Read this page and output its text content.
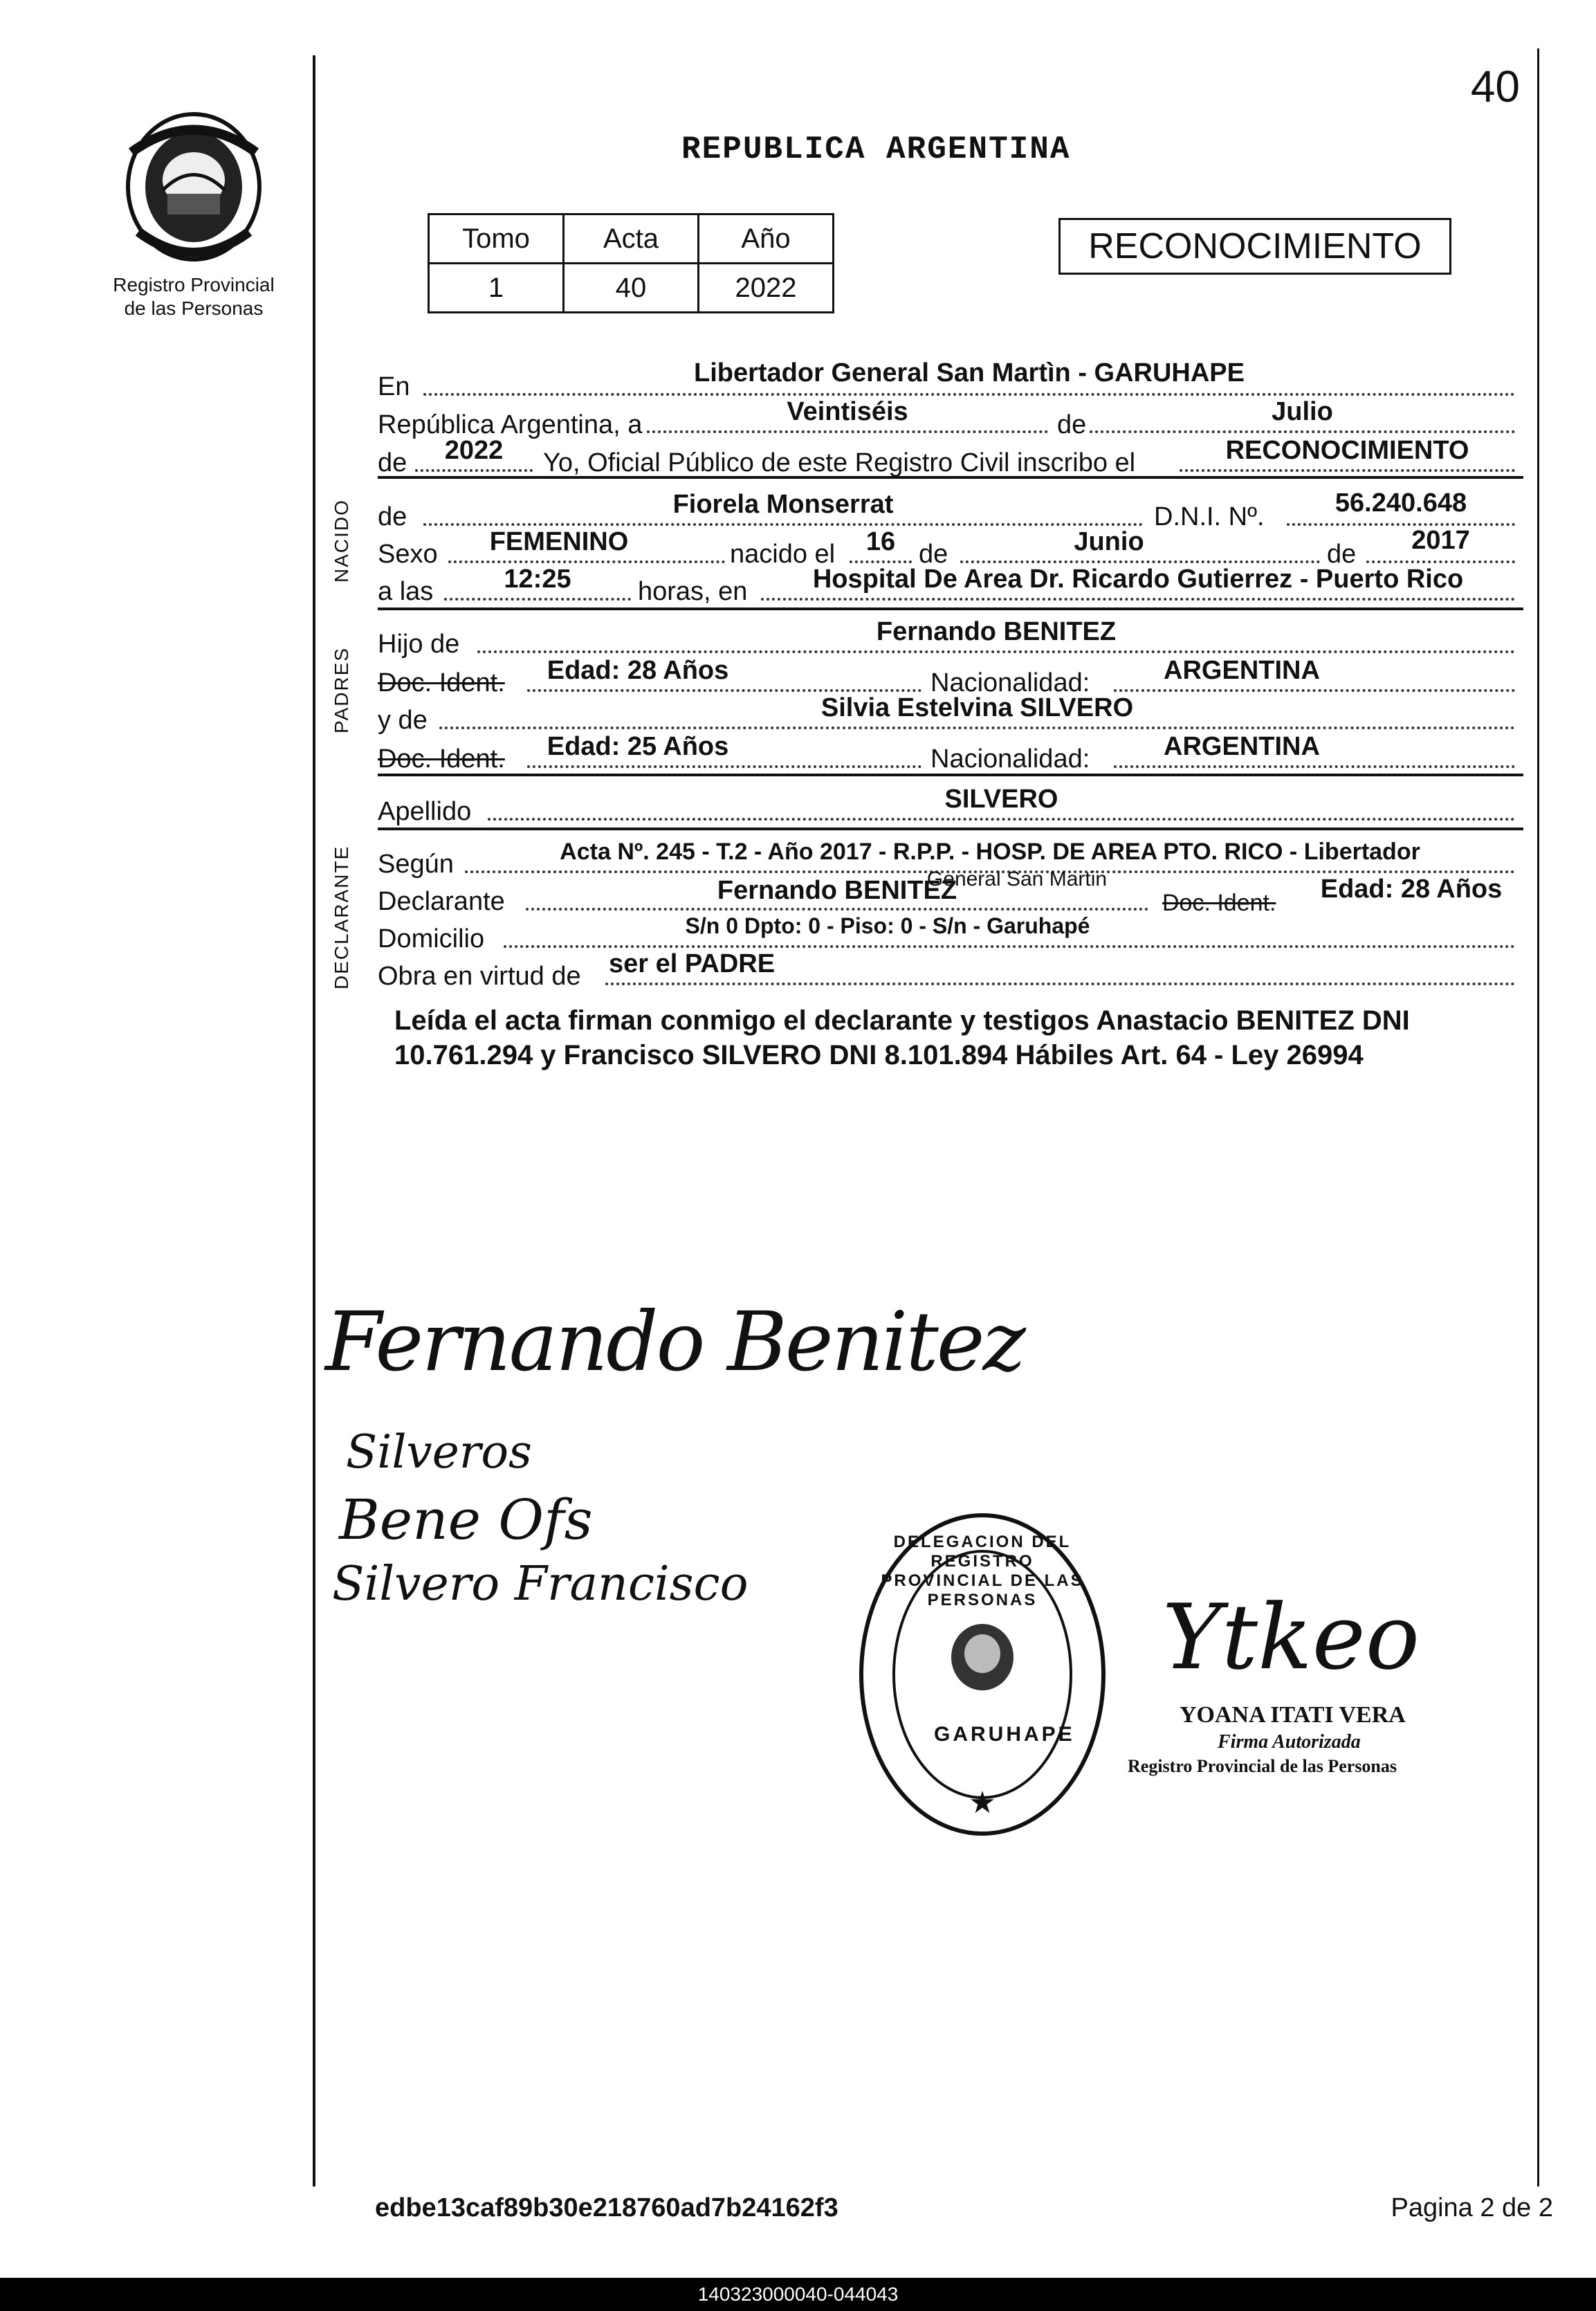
Registro Provincial
de las Personas
40
REPUBLICA ARGENTINA
Tomo	Acta	Año
1	40	2022
RECONOCIMIENTO
En	Libertador General San Martìn - GARUHAPE
República Argentina, a	Veintiséis	de	Julio
de	2022	Yo, Oficial Público de este Registro Civil inscribo el	RECONOCIMIENTO
NACIDO de	Fiorela Monserrat	D.N.I. Nº.	56.240.648
Sexo	FEMENINO	nacido el	16 de	Junio	de	2017
a las	12:25	horas, en	Hospital De Area Dr. Ricardo Gutierrez - Puerto Rico
PADRES
Hijo de	Fernando BENITEZ
Doc. Ident.	Edad: 28 Años	Nacionalidad:	ARGENTINA
y de	Silvia Estelvina SILVERO
Doc. Ident.	Edad: 25 Años	Nacionalidad:	ARGENTINA
Apellido	SILVERO
DECLARANTE Según	Acta Nº. 245 - T.2 - Año 2017 - R.P.P. - HOSP. DE AREA PTO. RICO - Libertador
General San Martin
Declarante	Fernando BENITEZ	Doc. Ident.	Edad: 28 Años
Domicilio	S/n 0 Dpto: 0 - Piso: 0 - S/n - Garuhapé
Obra en virtud de ser el PADRE
Leída el acta firman conmigo el declarante y testigos Anastacio BENITEZ DNI 10.761.294 y Francisco SILVERO DNI 8.101.894 Hábiles Art. 64 - Ley 26994
Fernando Benitez
Silveros
Bene Ofs
Silvero Francisco
★
DELEGACION DEL REGISTRO PROVINCIAL DE LAS PERSONAS
GARUHAPE
Ytkeo
YOANA ITATI VERA
Firma Autorizada
Registro Provincial de las Personas
edbe13caf89b30e218760ad7b24162f3	Pagina 2 de 2
140323000040-044043
